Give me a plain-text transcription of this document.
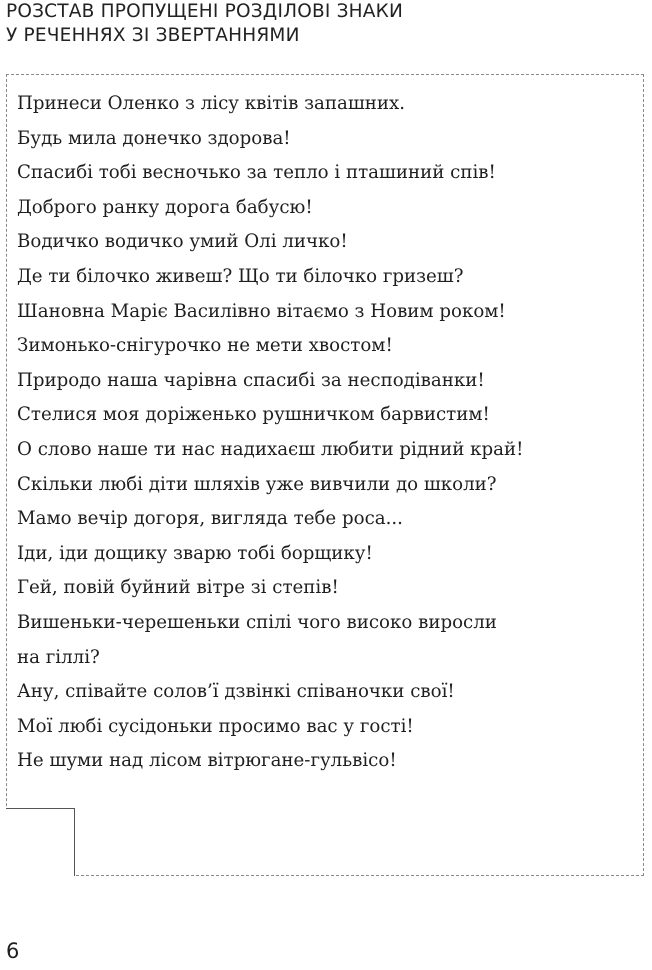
РОЗСТАВ ПРОПУЩЕНІ РОЗДІЛОВІ ЗНАКИ
У РЕЧЕННЯХ ЗІ ЗВЕРТАННЯМИ
Принеси Оленко з лісу квітів запашних.
Будь мила донечко здорова!
Спасибі тобі весночько за тепло і пташиний спів!
Доброго ранку дорога бабусю!
Водичко водичко умий Олі личко!
Де ти білочко живеш? Що ти білочко гризеш?
Шановна Маріє Василівно вітаємо з Новим роком!
Зимонько-снігурочко не мети хвостом!
Природо наша чарівна спасибі за несподіванки!
Стелися моя доріженько рушничком барвистим!
О слово наше ти нас надихаєш любити рідний край!
Скільки любі діти шляхів уже вивчили до школи?
Мамо вечір догоря, вигляда тебе роса...
Іди, іди дощику зварю тобі борщику!
Гей, повій буйний вітре зі степів!
Вишеньки-черешеньки спілі чого високо виросли
на гіллі?
Ану, співайте солов’ї дзвінкі співаночки свої!
Мої любі сусідоньки просимо вас у гості!
Не шуми над лісом вітрюгане-гульвісо!
6
